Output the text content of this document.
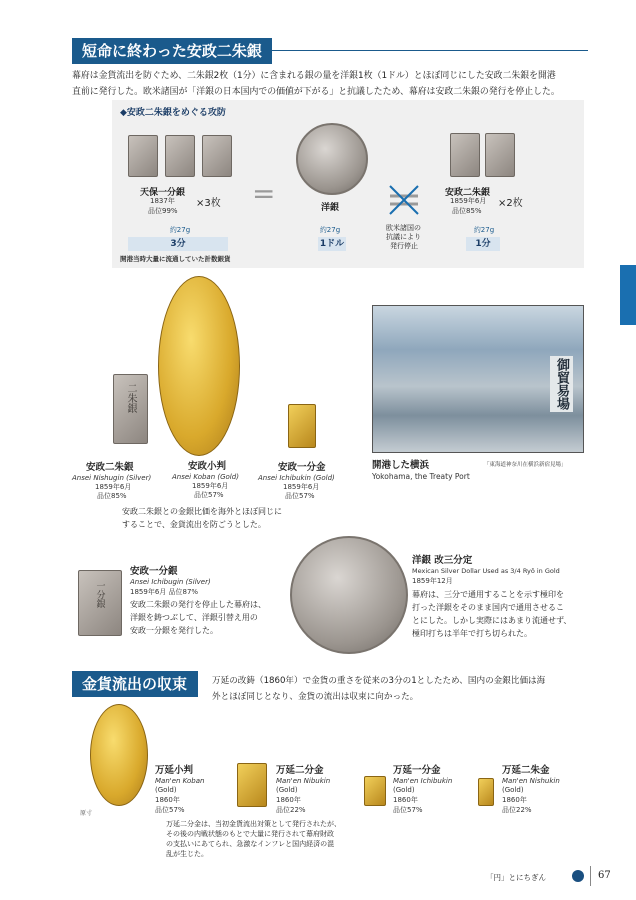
短命に終わった安政二朱銀
幕府は金貨流出を防ぐため、二朱銀2枚（1分）に含まれる銀の量を洋銀1枚（1ドル）とほぼ同じにした安政二朱銀を開港
直前に発行した。欧米諸国が「洋銀の日本国内での価値が下がる」と抗議したため、幕府は安政二朱銀の発行を停止した。
◆安政二朱銀をめぐる攻防
天保一分銀
1837年
品位99%
×3枚
約27g
3分
開港当時大量に流通していた計数銀貨
=	洋銀
約27g
1ドル
欧米諸国の
抗議により
発行停止
安政二朱銀
1859年6月
品位85%
×2枚
約27g
1分
二朱銀
安政二朱銀
Ansei Nishugin (Silver)
1859年6月
品位85%
安政小判
Ansei Koban (Gold)
1859年6月
品位57%
安政一分金
Ansei Ichibukin (Gold)
1859年6月
品位57%
安政二朱銀との金銀比価を海外とほぼ同じに
することで、金貨流出を防ごうとした。
御貿易場
開港した横浜
Yokohama, the Treaty Port
「東海道神奈川在横浜新宿見場」
一分銀
安政一分銀
Ansei Ichibugin (Silver)
1859年6月 品位87%
安政二朱銀の発行を停止した幕府は、
洋銀を鋳つぶして、洋銀引替え用の
安政一分銀を発行した。
洋銀 改三分定
Mexican Silver Dollar Used as 3/4 Ryō in Gold
1859年12月
幕府は、三分で通用することを示す極印を
打った洋銀をそのまま国内で通用させるこ
とにした。しかし実際にはあまり流通せず、
極印打ちは半年で打ち切られた。
金貨流出の収束	万延の改鋳（1860年）で金貨の重さを従来の3分の1としたため、国内の金銀比価は海
外とほぼ同じとなり、金貨の流出は収束に向かった。
原寸
万延小判
Man'en Koban
(Gold)
1860年
品位57%
万延二分金
Man'en Nibukin
(Gold)
1860年
品位22%
万延一分金
Man'en Ichibukin
(Gold)
1860年
品位57%
万延二朱金
Man'en Nishukin
(Gold)
1860年
品位22%
万延二分金は、当初金貨流出対策として発行されたが、
その後の内戦状態のもとで大量に発行されて幕府財政
の支払いにあてられ、急激なインフレと国内経済の混
乱が生じた。
「円」とにちぎん	67
